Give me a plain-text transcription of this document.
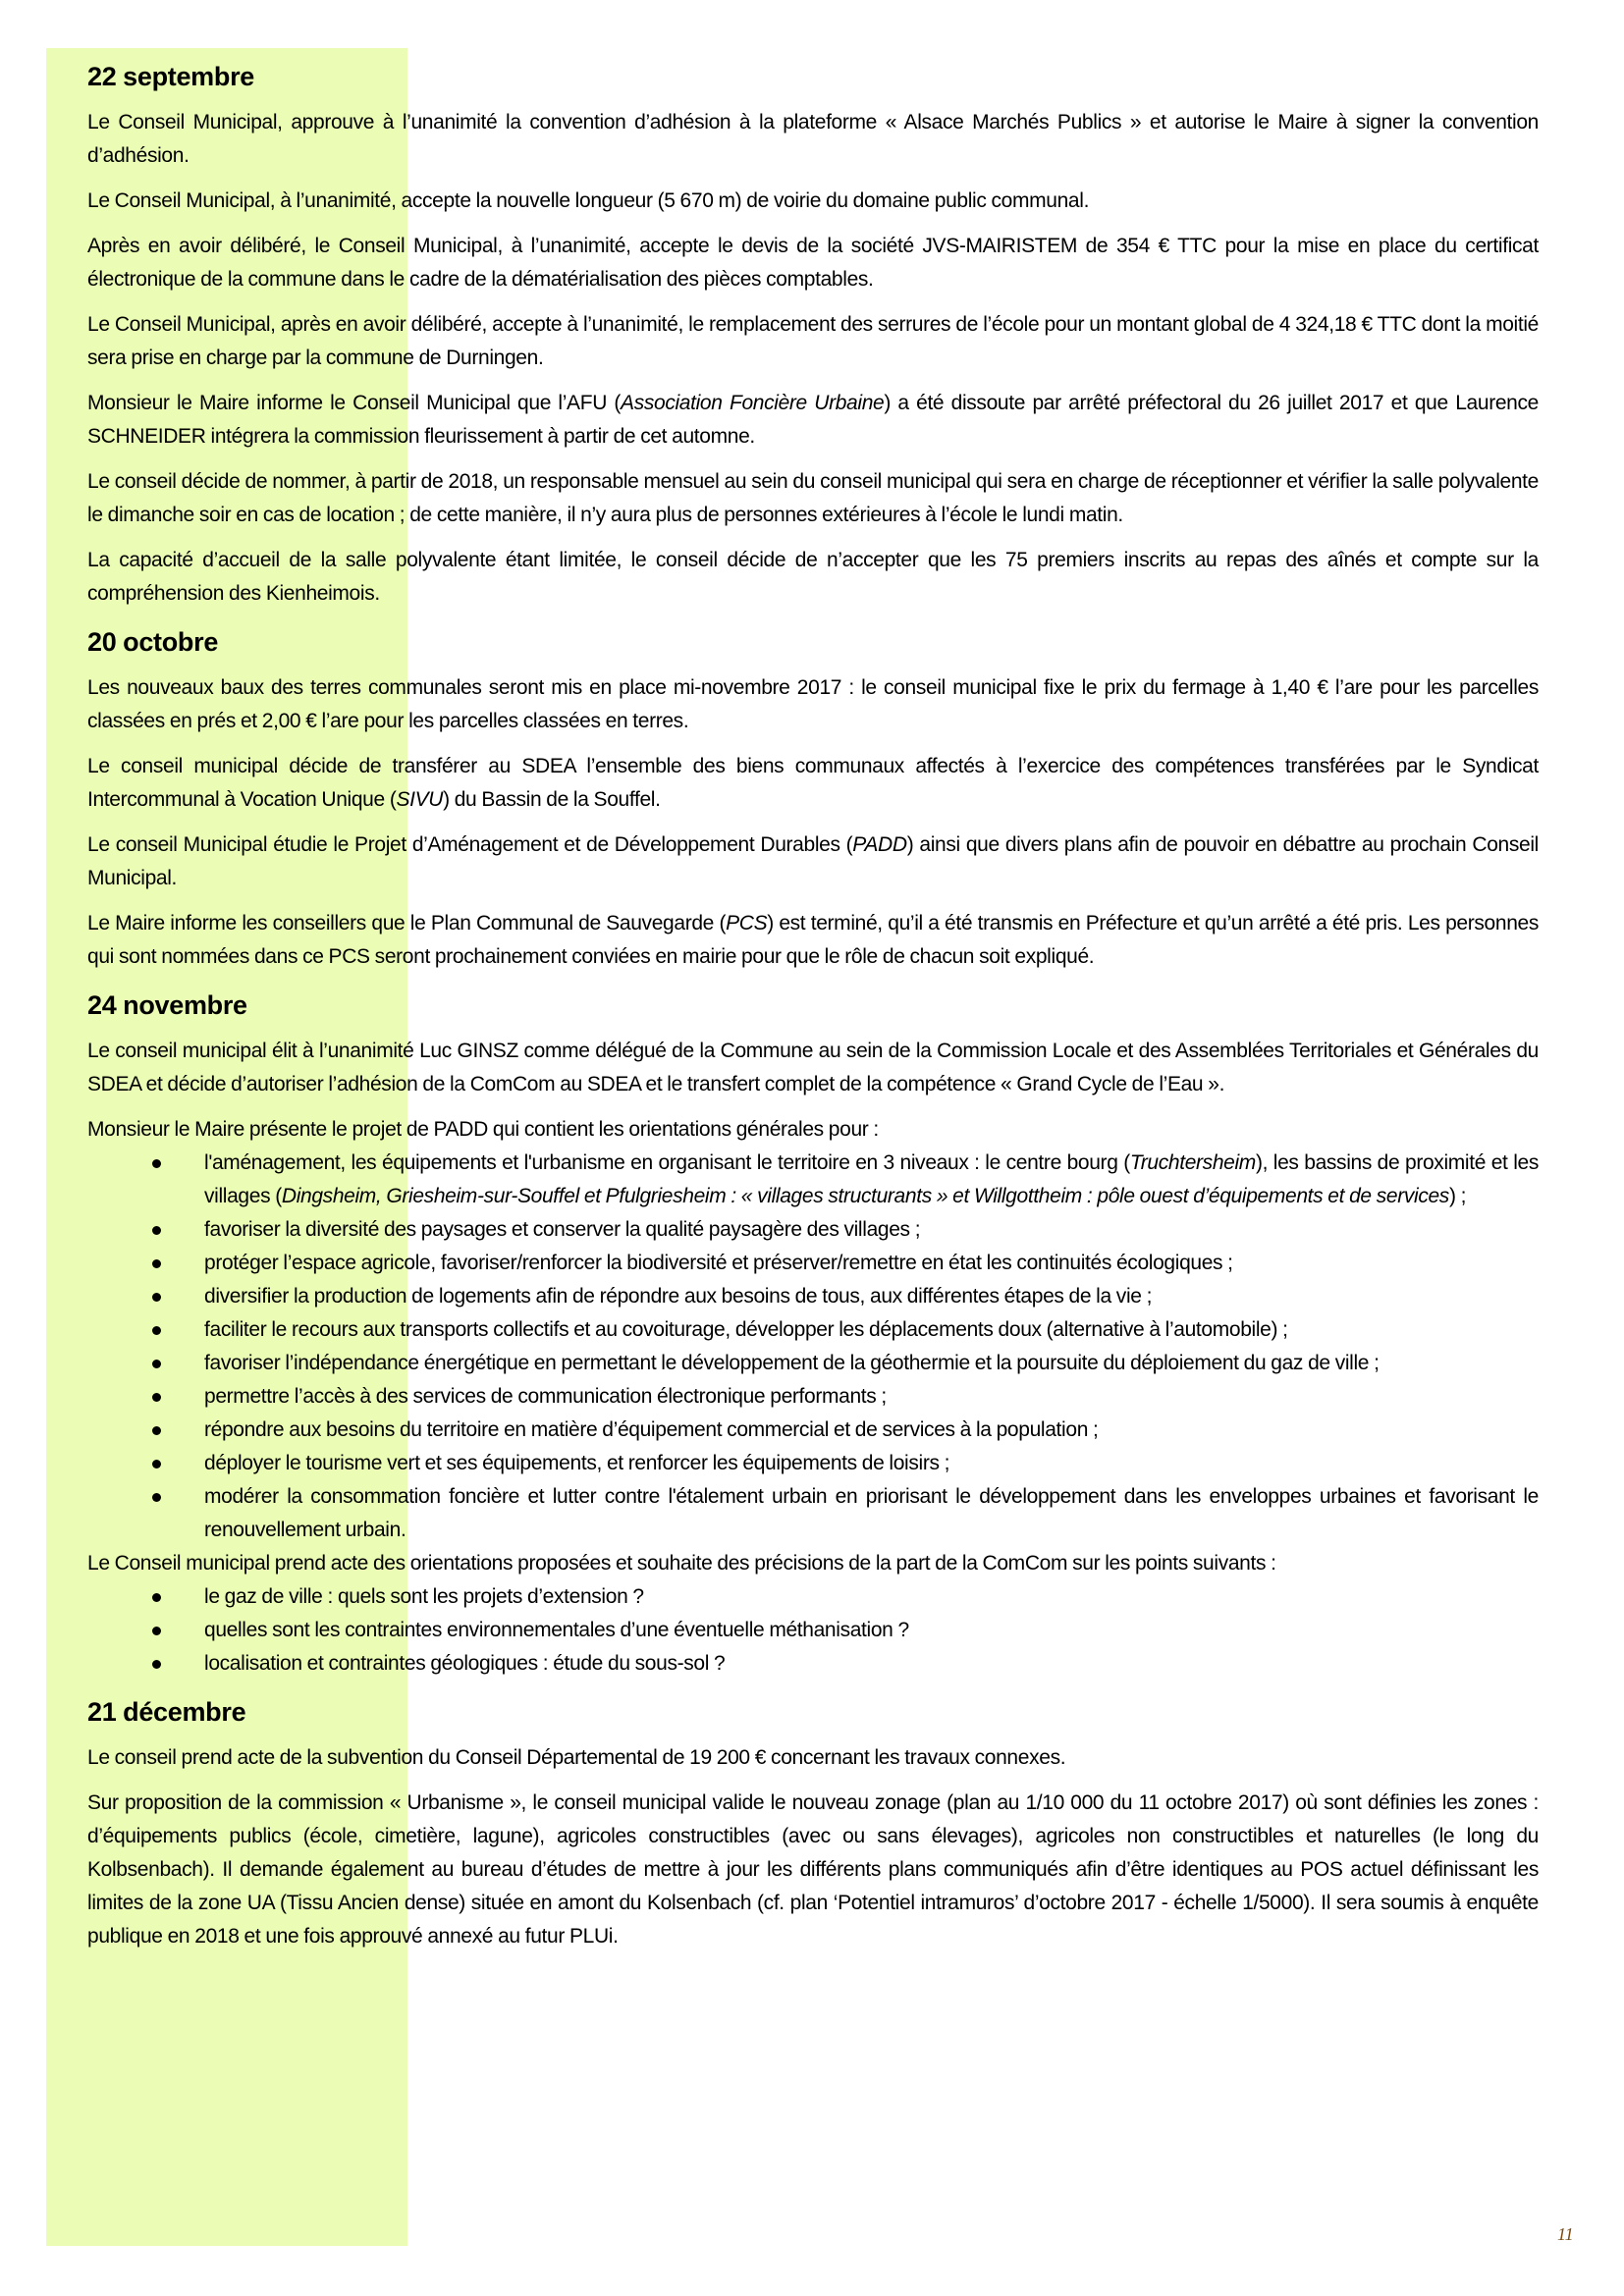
22 septembre

Le Conseil Municipal, approuve à l’unanimité la convention d’adhésion à la plateforme « Alsace Marchés Publics » et autorise le Maire à signer la convention d’adhésion.

Le Conseil Municipal, à l’unanimité, accepte la nouvelle longueur (5 670 m) de voirie du domaine public communal.

Après en avoir délibéré, le Conseil Municipal, à l’unanimité, accepte le devis de la société JVS-MAIRISTEM de 354 € TTC pour la mise en place du certificat électronique de la commune dans le cadre de la dématérialisation des pièces comptables.

Le Conseil Municipal, après en avoir délibéré, accepte à l’unanimité, le remplacement des serrures de l’école pour un montant global de 4 324,18 € TTC dont la moitié sera prise en charge par la commune de Durningen.

Monsieur le Maire informe le Conseil Municipal que l’AFU (Association Foncière Urbaine) a été dissoute par arrêté préfectoral du 26 juillet 2017 et que Laurence SCHNEIDER intégrera la commission fleurissement à partir de cet automne.

Le conseil décide de nommer, à partir de 2018, un responsable mensuel au sein du conseil municipal qui sera en charge de réceptionner et vérifier la salle polyvalente le dimanche soir en cas de location ; de cette manière, il n’y aura plus de personnes extérieures à l’école le lundi matin.

La capacité d’accueil de la salle polyvalente étant limitée, le conseil décide de n’accepter que les 75 premiers inscrits au repas des aînés et compte sur la compréhension des Kienheimois.

20 octobre

Les nouveaux baux des terres communales seront mis en place mi-novembre 2017 : le conseil municipal fixe le prix du fermage à 1,40 € l’are pour les parcelles classées en prés et 2,00 € l’are pour les parcelles classées en terres.

Le conseil municipal décide de transférer au SDEA l’ensemble des biens communaux affectés à l’exercice des compétences transférées par le Syndicat Intercommunal à Vocation Unique (SIVU) du Bassin de la Souffel.

Le conseil Municipal étudie le Projet d’Aménagement et de Développement Durables (PADD) ainsi que divers plans afin de pouvoir en débattre au prochain Conseil Municipal.

Le Maire informe les conseillers que le Plan Communal de Sauvegarde (PCS) est terminé, qu’il a été transmis en Préfecture et qu’un arrêté a été pris. Les personnes qui sont nommées dans ce PCS seront prochainement conviées en mairie pour que le rôle de chacun soit expliqué.

24 novembre

Le conseil municipal élit à l’unanimité Luc GINSZ comme délégué de la Commune au sein de la Commission Locale et des Assemblées Territoriales et Générales du SDEA et décide d’autoriser l’adhésion de la ComCom au SDEA et le transfert complet de la compétence « Grand Cycle de l’Eau ».

Monsieur le Maire présente le projet de PADD qui contient les orientations générales pour :

l'aménagement, les équipements et l'urbanisme en organisant le territoire en 3 niveaux : le centre bourg (Truchtersheim), les bassins de proximité et les villages (Dingsheim, Griesheim-sur-Souffel et Pfulgriesheim : « villages structurants » et Willgottheim : pôle ouest d’équipements et de services) ;
favoriser la diversité des paysages et conserver la qualité paysagère des villages ;
protéger l’espace agricole, favoriser/renforcer la biodiversité et préserver/remettre en état les continuités écologiques ;
diversifier la production de logements afin de répondre aux besoins de tous, aux différentes étapes de la vie ;
faciliter le recours aux transports collectifs et au covoiturage, développer les déplacements doux (alternative à l’automobile) ;
favoriser l’indépendance énergétique en permettant le développement de la géothermie et la poursuite du déploiement du gaz de ville ;
permettre l’accès à des services de communication électronique performants ;
répondre aux besoins du territoire en matière d’équipement commercial et de services à la population ;
déployer le tourisme vert et ses équipements, et renforcer les équipements de loisirs ;
modérer la consommation foncière et lutter contre l'étalement urbain en priorisant le développement dans les enveloppes urbaines et favorisant le renouvellement urbain.

Le Conseil municipal prend acte des orientations proposées et souhaite des précisions de la part de la ComCom sur les points suivants :

le gaz de ville : quels sont les projets d’extension ?
quelles sont les contraintes environnementales d’une éventuelle méthanisation ?
localisation et contraintes géologiques : étude du sous-sol ?
21 décembre

Le conseil prend acte de la subvention du Conseil Départemental de 19 200 € concernant les travaux connexes.

Sur proposition de la commission « Urbanisme », le conseil municipal valide le nouveau zonage (plan au 1/10 000 du 11 octobre 2017) où sont définies les zones : d’équipements publics (école, cimetière, lagune), agricoles constructibles (avec ou sans élevages), agricoles non constructibles et naturelles (le long du Kolbsenbach). Il demande également au bureau d’études de mettre à jour les différents plans communiqués afin d’être identiques au POS actuel définissant les limites de la zone UA (Tissu Ancien dense) située en amont du Kolsenbach (cf. plan ‘Potentiel intramuros’ d’octobre 2017 - échelle 1/5000). Il sera soumis à enquête publique en 2018 et une fois approuvé annexé au futur PLUi.

11
